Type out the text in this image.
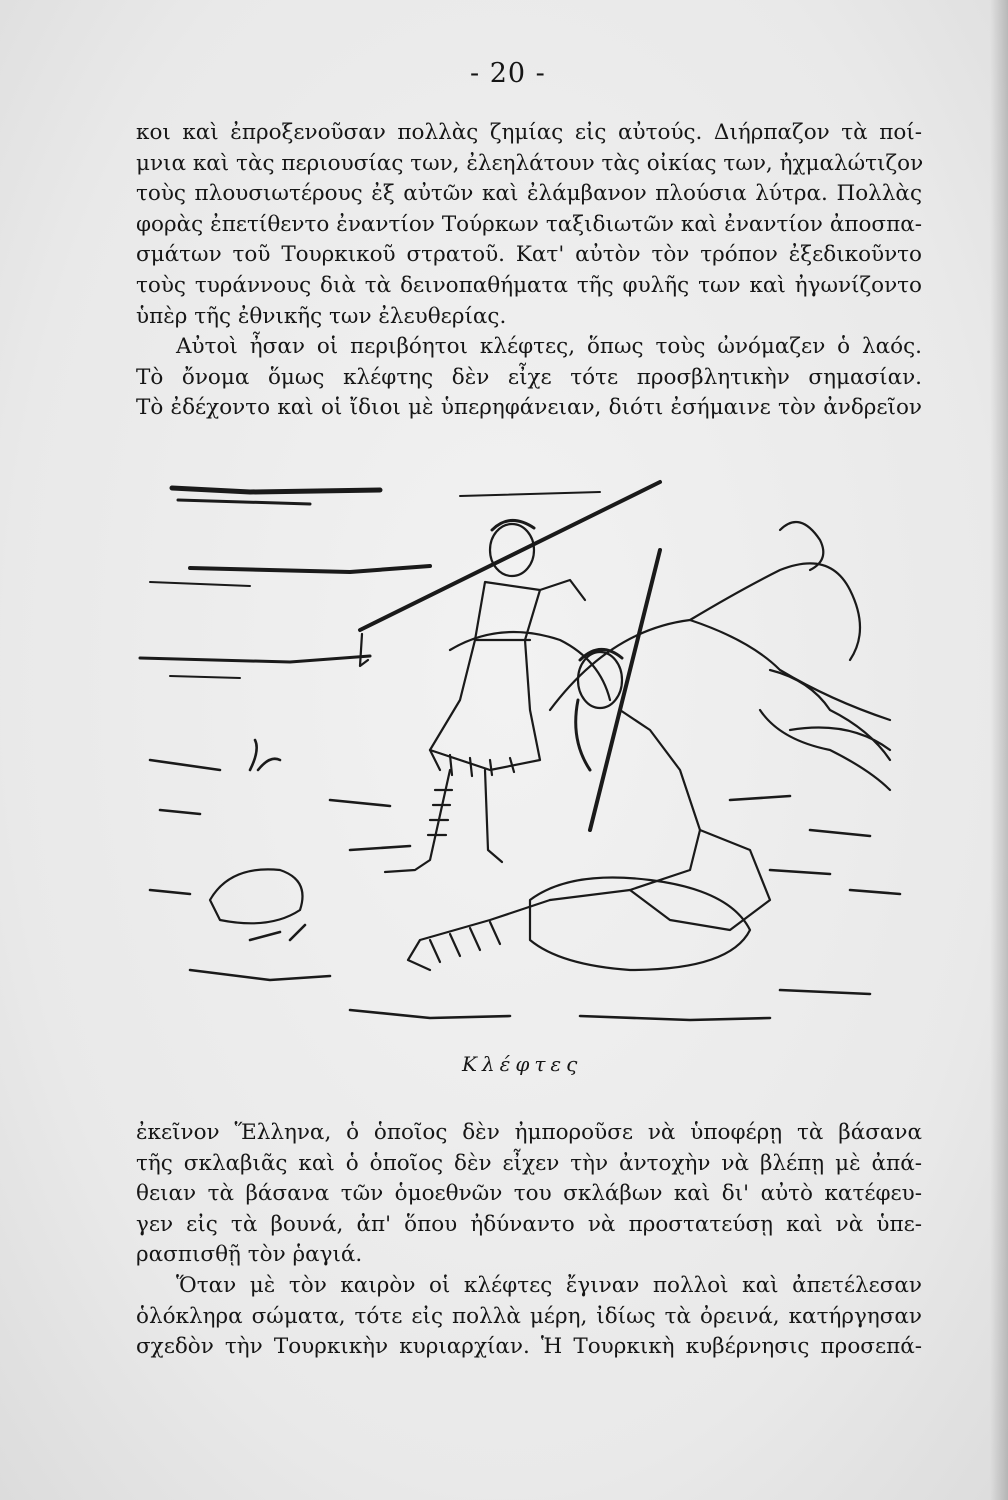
- 20 -
κοι καὶ ἐπροξενοῦσαν πολλὰς ζημίας εἰς αὐτούς. Διήρπαζον τὰ ποί-
μνια καὶ τὰς περιουσίας των, ἐλεηλάτουν τὰς οἰκίας των, ἠχμαλώτιζον
τοὺς πλουσιωτέρους ἐξ αὐτῶν καὶ ἐλάμβανον πλούσια λύτρα. Πολλὰς
φορὰς ἐπετίθεντο ἐναντίον Τούρκων ταξιδιωτῶν καὶ ἐναντίον ἀποσπα-
σμάτων τοῦ Τουρκικοῦ στρατοῦ. Κατ' αὐτὸν τὸν τρόπον ἐξεδικοῦντο
τοὺς τυράννους διὰ τὰ δεινοπαθήματα τῆς φυλῆς των καὶ ἠγωνίζοντο
ὑπὲρ τῆς ἐθνικῆς των ἐλευθερίας.
Αὐτοὶ ἦσαν οἱ περιβόητοι κλέφτες, ὅπως τοὺς ὠνόμαζεν ὁ λαός.
Τὸ ὄνομα ὅμως κλέφτης δὲν εἶχε τότε προσβλητικὴν σημασίαν.
Τὸ ἐδέχοντο καὶ οἱ ἴδιοι μὲ ὑπερηφάνειαν, διότι ἐσήμαινε τὸν ἀνδρεῖον
Κλέφτες
ἐκεῖνον Ἕλληνα, ὁ ὁποῖος δὲν ἠμποροῦσε νὰ ὑποφέρῃ τὰ βάσανα
τῆς σκλαβιᾶς καὶ ὁ ὁποῖος δὲν εἶχεν τὴν ἀντοχὴν νὰ βλέπῃ μὲ ἀπά-
θειαν τὰ βάσανα τῶν ὁμοεθνῶν του σκλάβων καὶ δι' αὐτὸ κατέφευ-
γεν εἰς τὰ βουνά, ἀπ' ὅπου ἠδύναντο νὰ προστατεύσῃ καὶ νὰ ὑπε-
ρασπισθῇ τὸν ῥαγιά.
Ὅταν μὲ τὸν καιρὸν οἱ κλέφτες ἔγιναν πολλοὶ καὶ ἀπετέλεσαν
ὁλόκληρα σώματα, τότε εἰς πολλὰ μέρη, ἰδίως τὰ ὀρεινά, κατήργησαν
σχεδὸν τὴν Τουρκικὴν κυριαρχίαν. Ἡ Τουρκικὴ κυβέρνησις προσεπά-
